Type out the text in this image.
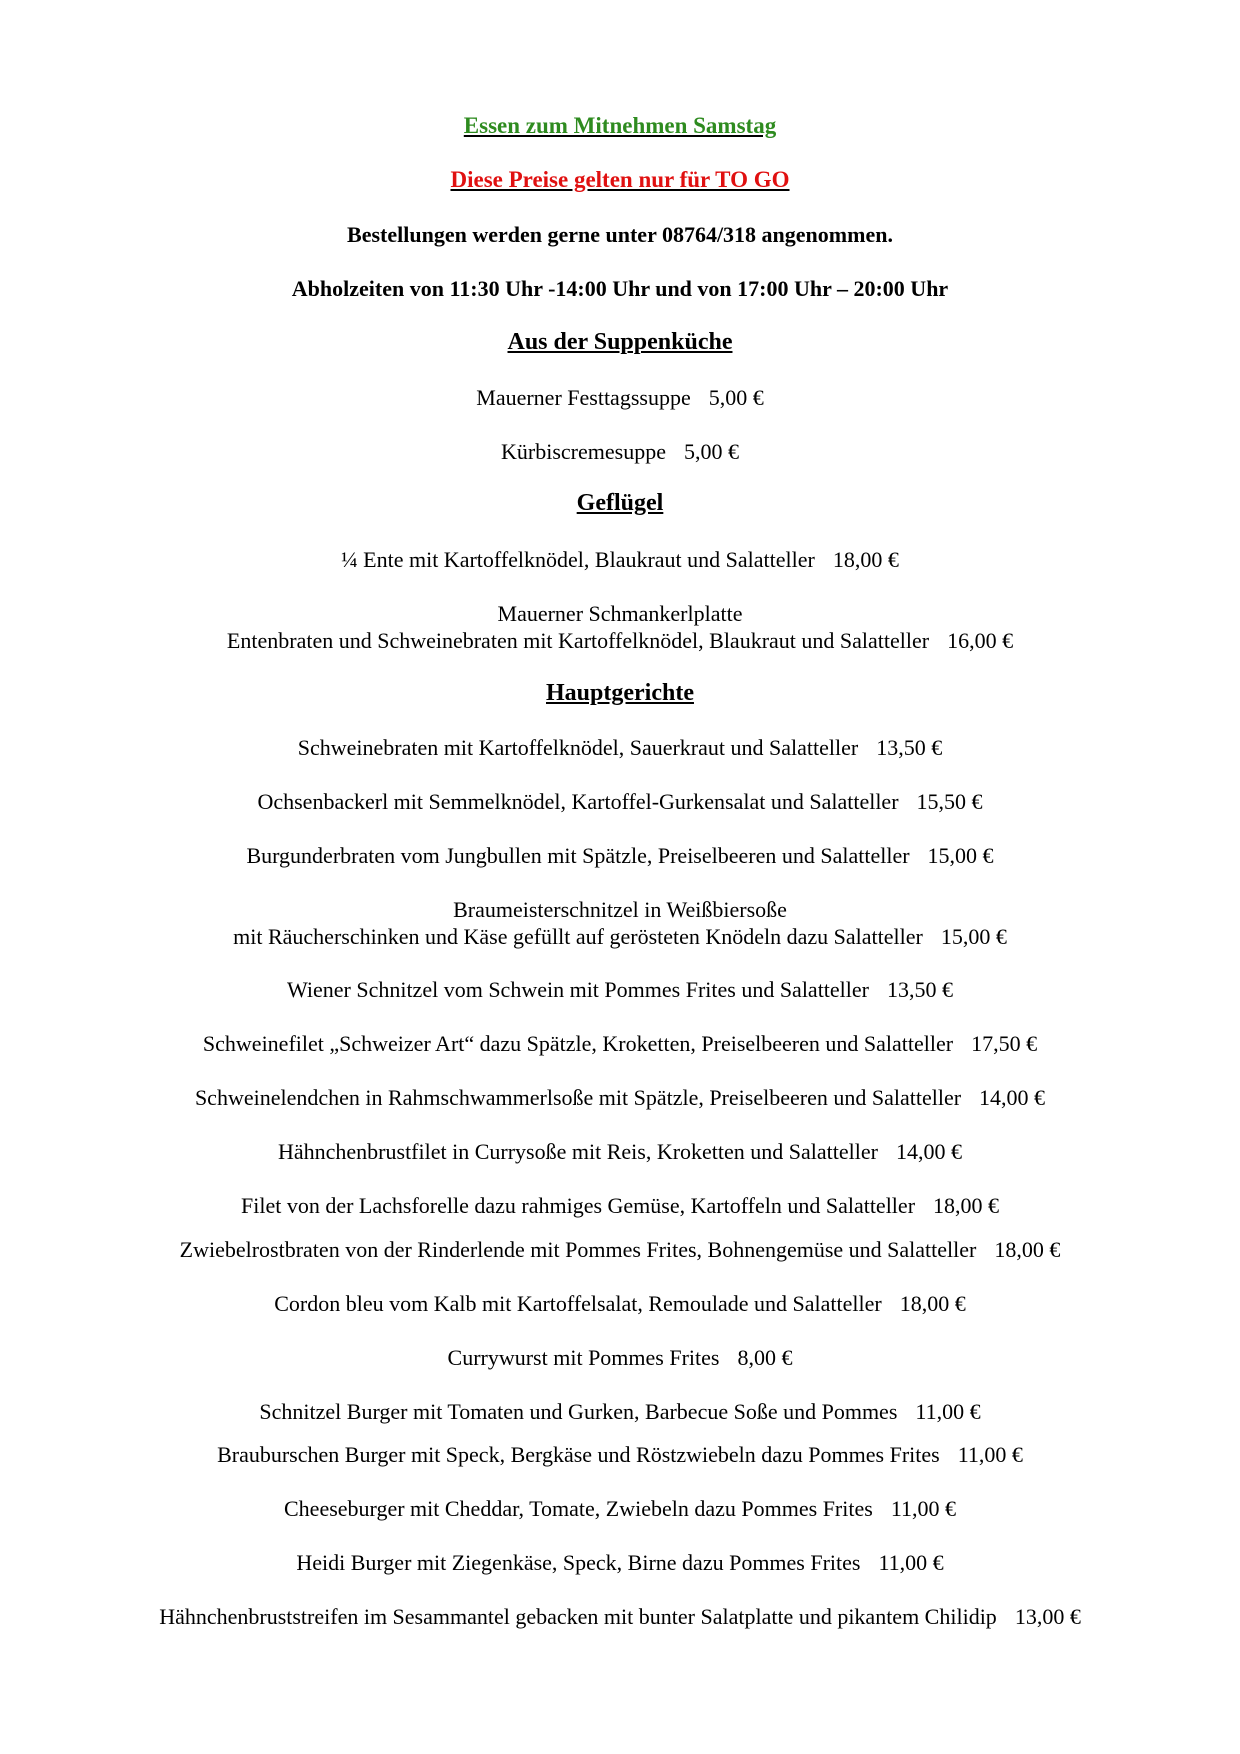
Essen zum Mitnehmen Samstag
Diese Preise gelten nur für TO GO
Bestellungen werden gerne unter 08764/318 angenommen.
Abholzeiten von 11:30 Uhr -14:00 Uhr und von 17:00 Uhr – 20:00 Uhr
Aus der Suppenküche
Mauerner Festtagssuppe 5,00 €
Kürbiscremesuppe 5,00 €
Geflügel
¼ Ente mit Kartoffelknödel, Blaukraut und Salatteller 18,00 €
Mauerner Schmankerlplatte
Entenbraten und Schweinebraten mit Kartoffelknödel, Blaukraut und Salatteller 16,00 €
Hauptgerichte
Schweinebraten mit Kartoffelknödel, Sauerkraut und Salatteller 13,50 €
Ochsenbackerl mit Semmelknödel, Kartoffel-Gurkensalat und Salatteller 15,50 €
Burgunderbraten vom Jungbullen mit Spätzle, Preiselbeeren und Salatteller 15,00 €
Braumeisterschnitzel in Weißbiersoße
mit Räucherschinken und Käse gefüllt auf gerösteten Knödeln dazu Salatteller 15,00 €
Wiener Schnitzel vom Schwein mit Pommes Frites und Salatteller 13,50 €
Schweinefilet „Schweizer Art“ dazu Spätzle, Kroketten, Preiselbeeren und Salatteller 17,50 €
Schweinelendchen in Rahmschwammerlsoße mit Spätzle, Preiselbeeren und Salatteller 14,00 €
Hähnchenbrustfilet in Currysoße mit Reis, Kroketten und Salatteller 14,00 €
Filet von der Lachsforelle dazu rahmiges Gemüse, Kartoffeln und Salatteller 18,00 €
Zwiebelrostbraten von der Rinderlende mit Pommes Frites, Bohnengemüse und Salatteller 18,00 €
Cordon bleu vom Kalb mit Kartoffelsalat, Remoulade und Salatteller 18,00 €
Currywurst mit Pommes Frites 8,00 €
Schnitzel Burger mit Tomaten und Gurken, Barbecue Soße und Pommes 11,00 €
Brauburschen Burger mit Speck, Bergkäse und Röstzwiebeln dazu Pommes Frites 11,00 €
Cheeseburger mit Cheddar, Tomate, Zwiebeln dazu Pommes Frites 11,00 €
Heidi Burger mit Ziegenkäse, Speck, Birne dazu Pommes Frites 11,00 €
Hähnchenbruststreifen im Sesammantel gebacken mit bunter Salatplatte und pikantem Chilidip 13,00 €
